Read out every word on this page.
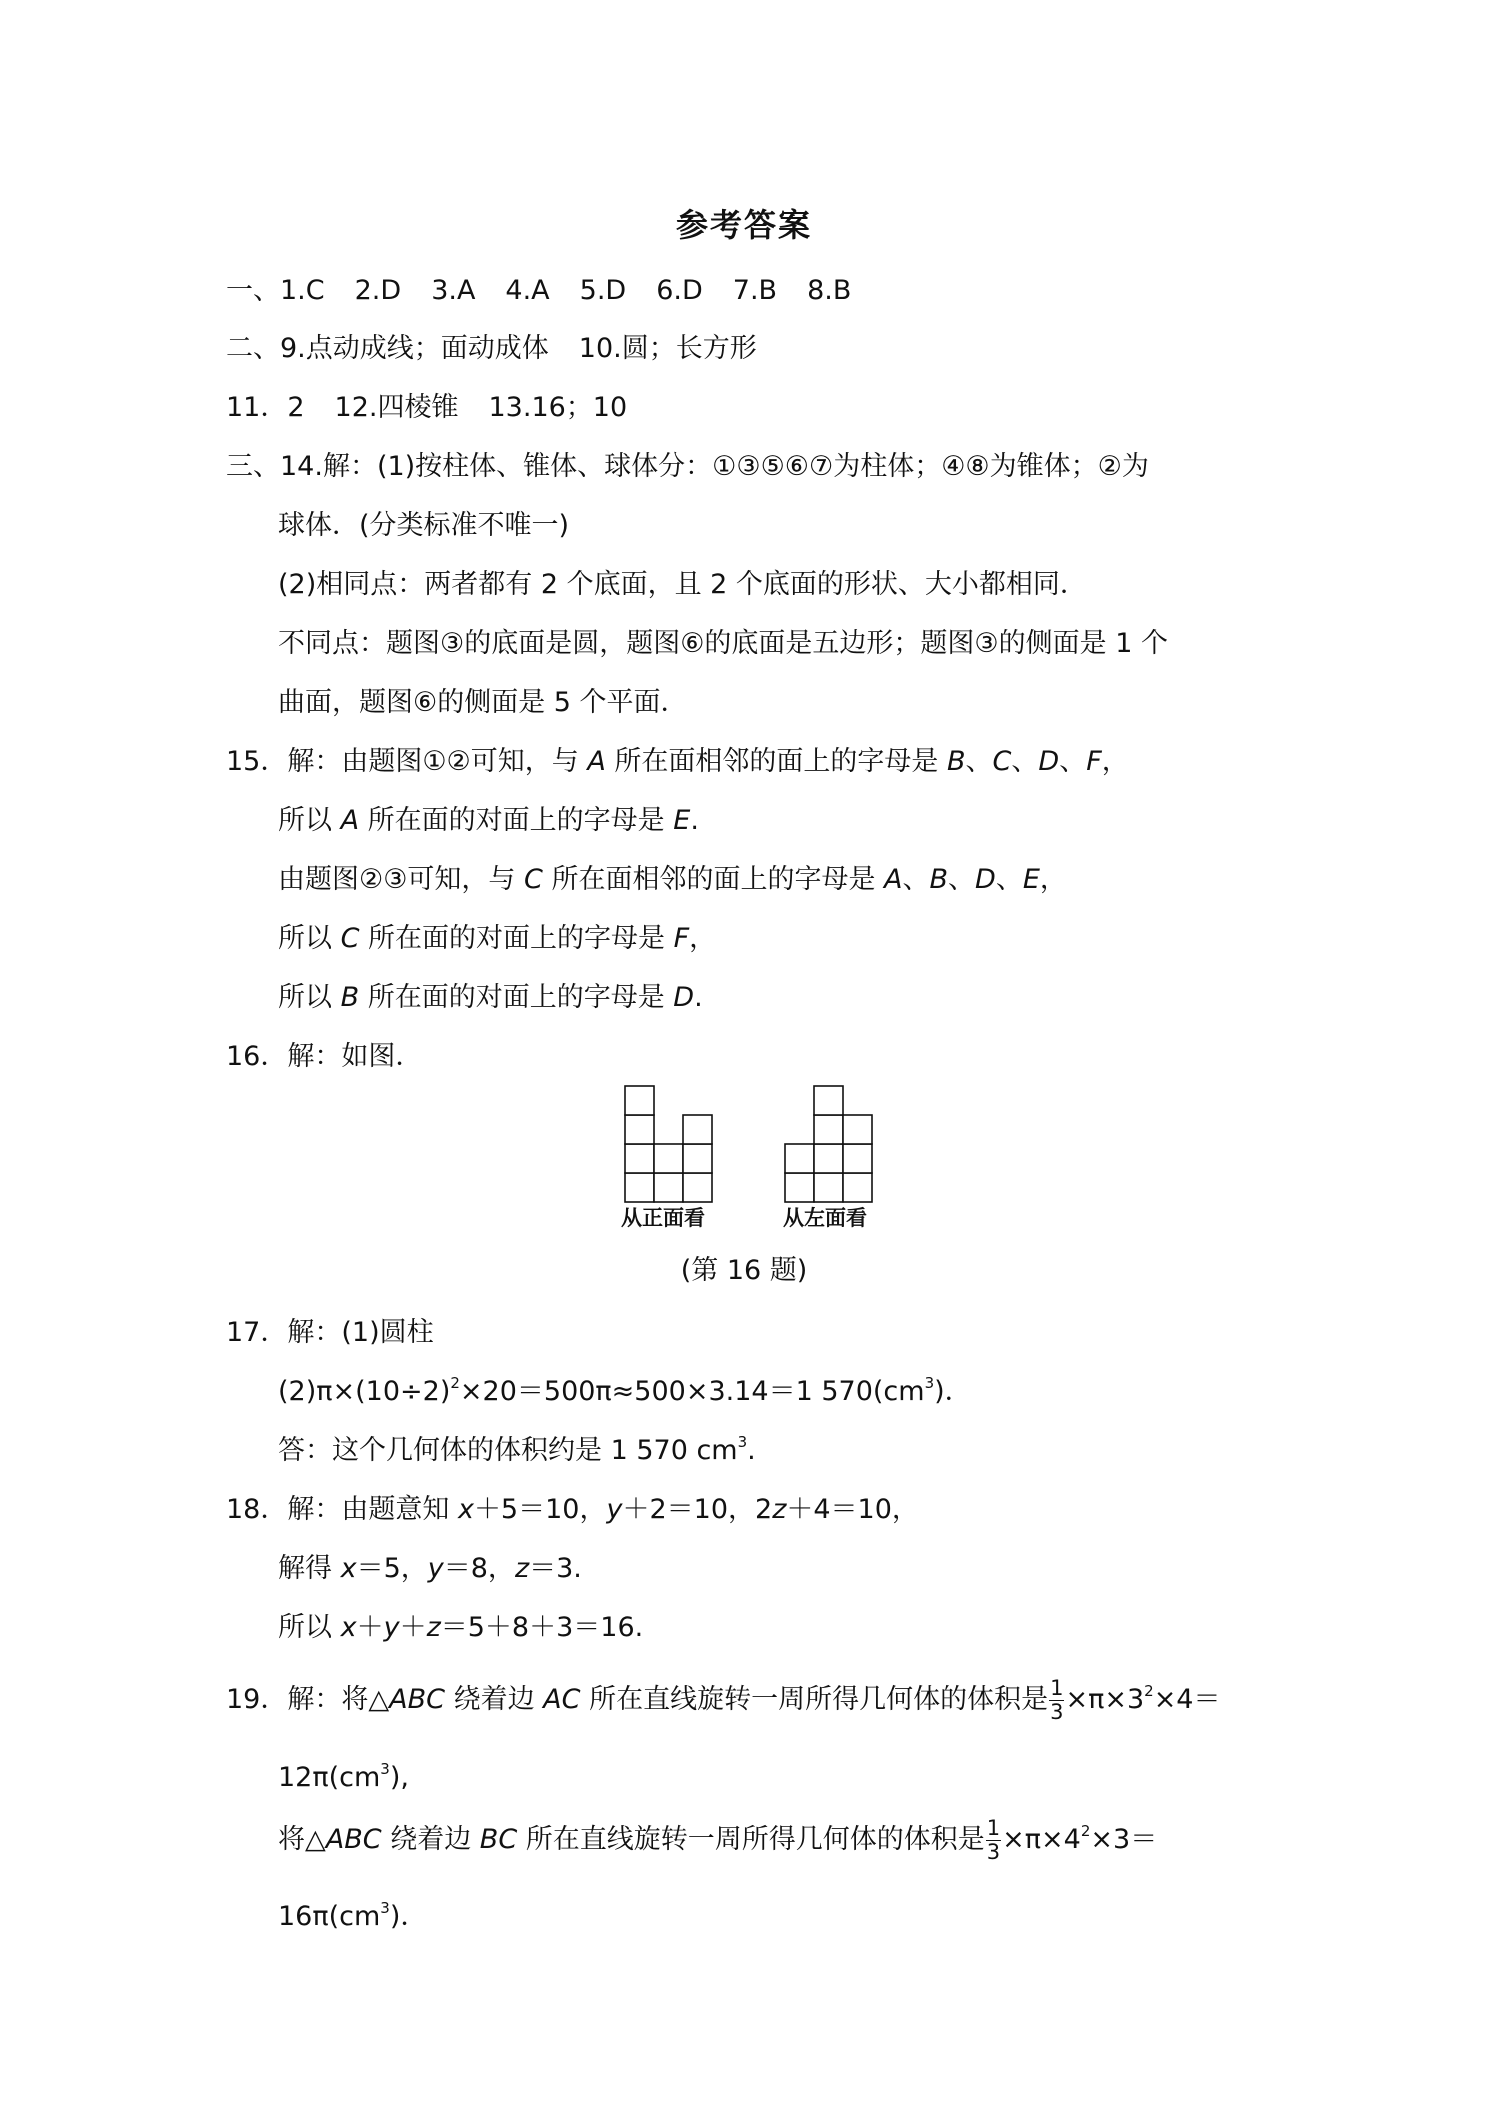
参考答案
一、1.C 2.D 3.A 4.A 5.D 6.D 7.B 8.B
二、9.点动成线；面动成体 10.圆；长方形
11．2 12.四棱锥 13.16；10
三、14.解：(1)按柱体、锥体、球体分：①③⑤⑥⑦为柱体；④⑧为锥体；②为
球体．(分类标准不唯一)
(2)相同点：两者都有 2 个底面，且 2 个底面的形状、大小都相同．
不同点：题图③的底面是圆，题图⑥的底面是五边形；题图③的侧面是 1 个
曲面，题图⑥的侧面是 5 个平面．
15．解：由题图①②可知，与 A 所在面相邻的面上的字母是 B、C、D、F，
所以 A 所在面的对面上的字母是 E.
由题图②③可知，与 C 所在面相邻的面上的字母是 A、B、D、E，
所以 C 所在面的对面上的字母是 F，
所以 B 所在面的对面上的字母是 D.
16．解：如图．
从正面看	从左面看
(第 16 题)
17．解：(1)圆柱
$(2)\pi\times(10\div 2)^2\times 20=500\pi\approx 500\times 3.14=1$ $570(cm^3)$．
答：这个几何体的体积约是 1 570 $cm^3$.
18．解：由题意知 x＋5＝10，y＋2＝10，2z＋4＝10，
解得 x＝5，y＝8，z＝3.
所以 x＋y＋z＝5＋8＋3＝16.
19．解：将△ABC 绕着边 AC 所在直线旋转一周所得几何体的体积是 $\frac{1}{3} \times\pi\times 3^2\times 4=$
$12\pi(cm^3)$,
将△ABC 绕着边 BC 所在直线旋转一周所得几何体的体积是 $\frac{1}{3} \times\pi\times 4^2\times 3=$
$16\pi(cm^3)$．
